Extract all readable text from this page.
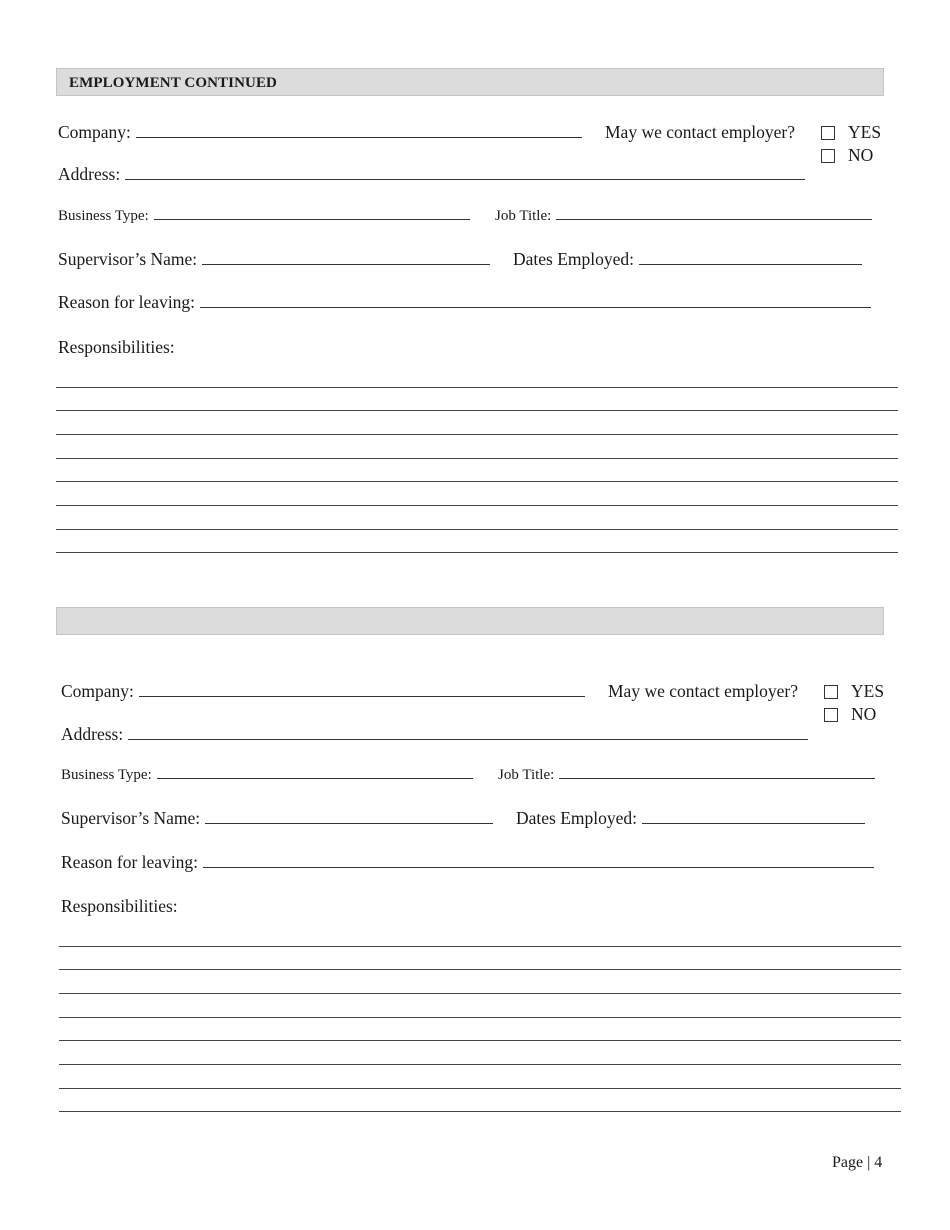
EMPLOYMENT CONTINUED
Company:	May we contact employer?	YES
NO
Address:
Business Type:	Job Title:
Supervisor’s Name:	Dates Employed:
Reason for leaving:
Responsibilities:
Company:	May we contact employer?	YES
NO
Address:
Business Type:	Job Title:
Supervisor’s Name:	Dates Employed:
Reason for leaving:
Responsibilities:
Page | 4
